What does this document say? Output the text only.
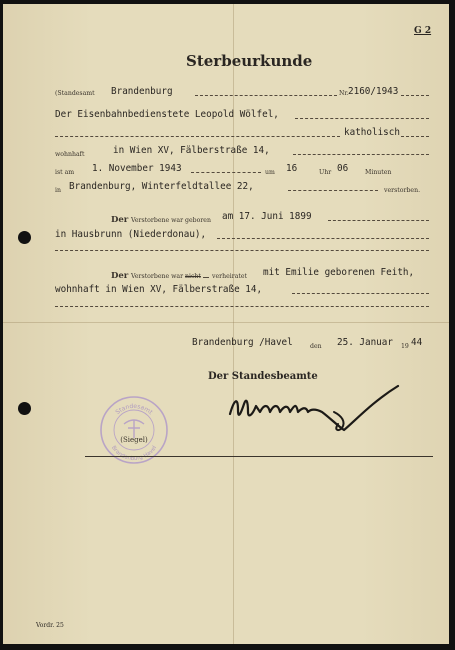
G 2
Sterbeurkunde
(Standesamt Brandenburg	Nr. 2160/1943
Der Eisenbahnbedienstete Leopold Wölfel,
katholisch
wohnhaft	in Wien XV, Fälberstraße 14,
ist am 1. November 1943	um 16	Uhr 06	Minuten
in Brandenburg, Winterfeldtallee 22,	verstorben.
Der Verstorbene war geboren am 17. Juni 1899
in Hausbrunn (Niederdonau),
Der Verstorbene war nicht verheiratet mit Emilie geborenen Feith,
wohnhaft in Wien XV, Fälberstraße 14,
Brandenburg /Havel	den 25. Januar 19 44
Der Standesbeamte
Standesamt
Brandenburg Havel
(Siegel)
Vordr. 25
